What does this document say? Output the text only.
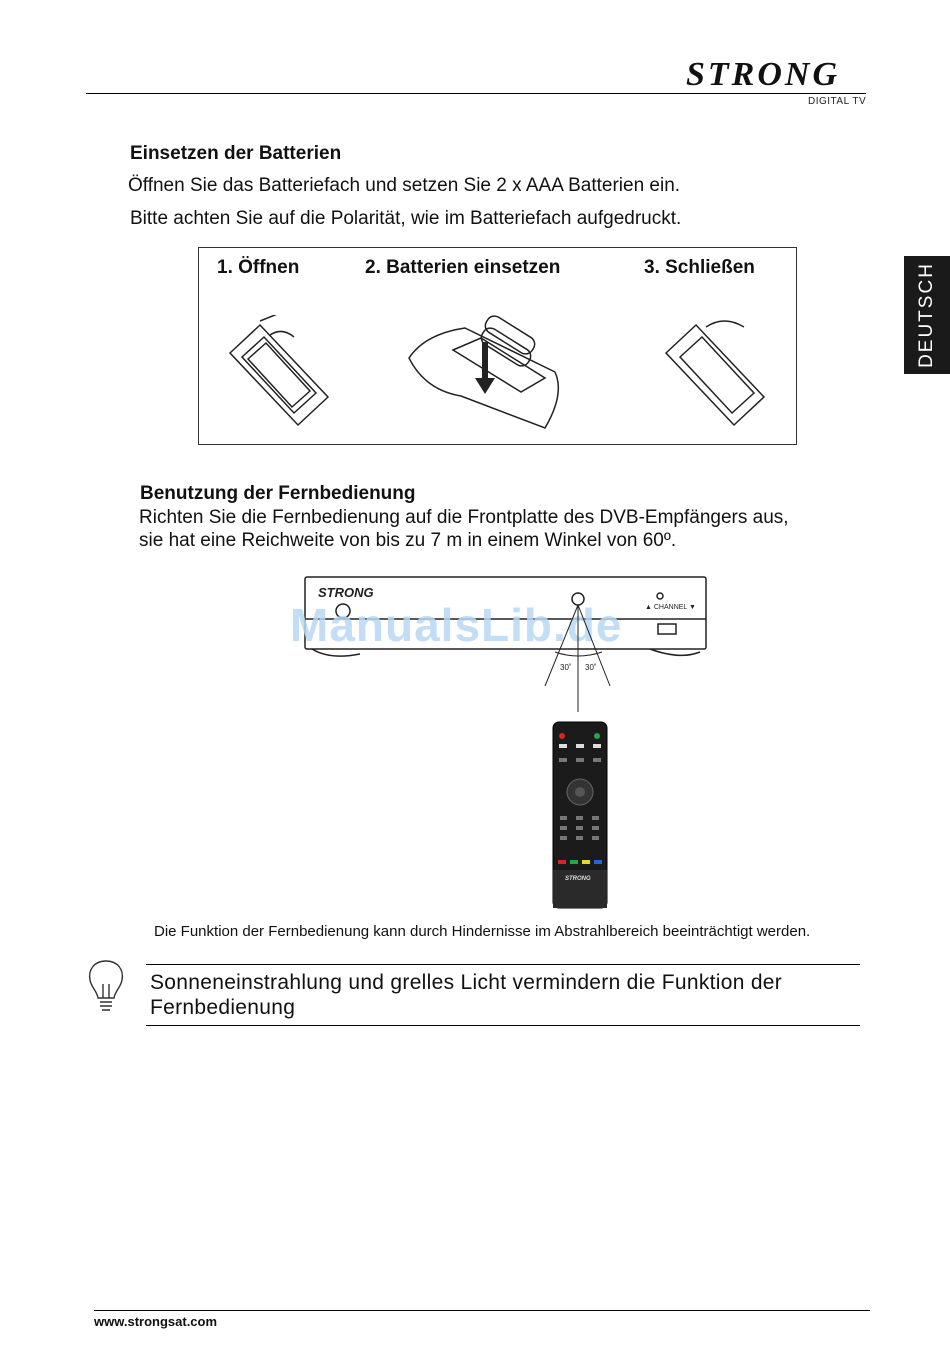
STRONG
DIGITAL TV
DEUTSCH
Einsetzen der Batterien
Öffnen Sie das Batteriefach und setzen Sie 2 x AAA Batterien ein.
Bitte achten Sie auf die Polarität, wie im Batteriefach aufgedruckt.
1. Öffnen	2. Batterien einsetzen	3. Schließen
Benutzung der Fernbedienung
Richten Sie die Fernbedienung auf die Frontplatte des DVB-Empfängers aus,
sie hat eine Reichweite von bis zu 7 m in einem Winkel von 60º.
STRONG
▲ CHANNEL ▼
ManualsLib.de
30˚ 30˚
STRONG
Die Funktion der Fernbedienung kann durch Hindernisse im Abstrahlbereich beeinträchtigt werden.
Sonneneinstrahlung und grelles Licht vermindern die Funktion der
Fernbedienung
www.strongsat.com
